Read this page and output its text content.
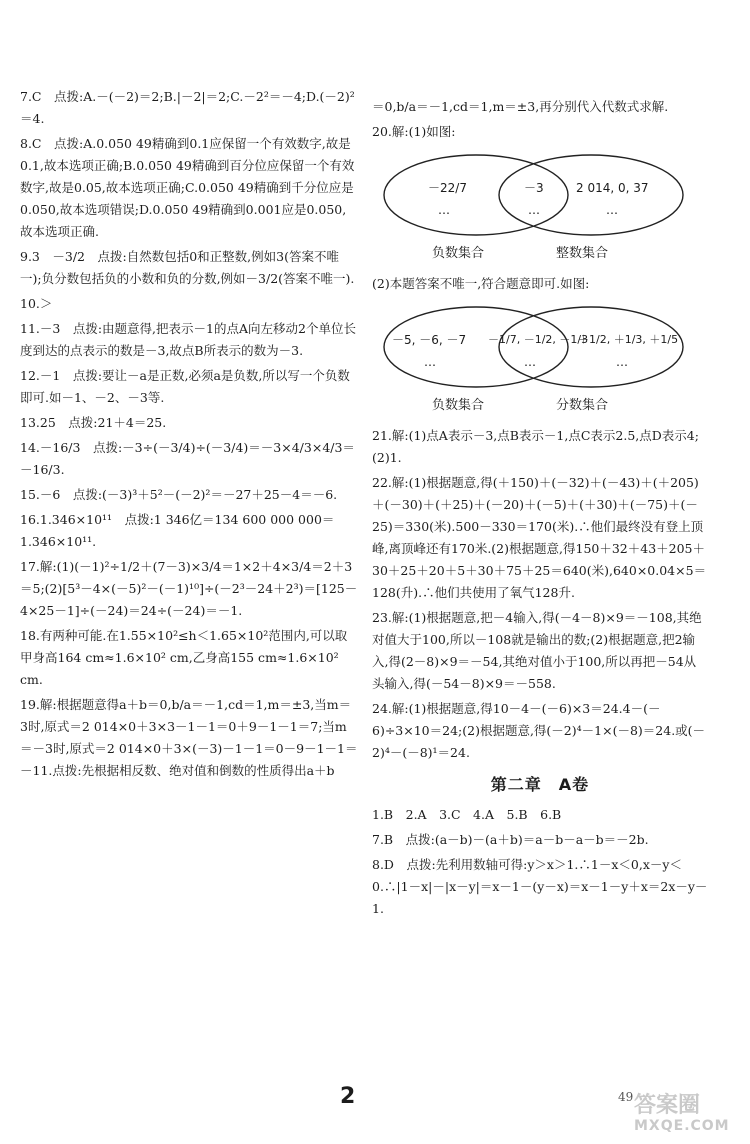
7.C　点拨:A.－(－2)＝2;B.|－2|＝2;C.－2²＝－4;D.(－2)²＝4.

8.C　点拨:A.0.050 49精确到0.1应保留一个有效数字,故是0.1,故本选项正确;B.0.050 49精确到百分位应保留一个有效数字,故是0.05,故本选项正确;C.0.050 49精确到千分位应是0.050,故本选项错误;D.0.050 49精确到0.001应是0.050,故本选项正确.

9.3　－3/2　点拨:自然数包括0和正整数,例如3(答案不唯一);负分数包括负的小数和负的分数,例如－3/2(答案不唯一).

10.＞

11.－3　点拨:由题意得,把表示－1的点A向左移动2个单位长度到达的点表示的数是－3,故点B所表示的数为－3.

12.－1　点拨:要让－a是正数,必须a是负数,所以写一个负数即可.如－1、－2、－3等.

13.25　点拨:21＋4＝25.

14.－16/3　点拨:－3÷(－3/4)÷(－3/4)＝－3×4/3×4/3＝－16/3.

15.－6　点拨:(－3)³＋5²－(－2)²＝－27＋25－4＝－6.

16.1.346×10¹¹　点拨:1 346亿＝134 600 000 000＝1.346×10¹¹.

17.解:(1)(－1)²÷1/2＋(7－3)×3/4＝1×2＋4×3/4＝2＋3＝5;(2)[5³－4×(－5)²－(－1)¹⁰]÷(－2³－24＋2³)＝[125－4×25－1]÷(－24)＝24÷(－24)＝－1.

18.有两种可能.在1.55×10²≤h＜1.65×10²范围内,可以取甲身高164 cm≈1.6×10² cm,乙身高155 cm≈1.6×10² cm.

19.解:根据题意得a＋b＝0,b/a＝－1,cd＝1,m＝±3,当m＝3时,原式＝2 014×0＋3×3－1－1＝0＋9－1－1＝7;当m＝－3时,原式＝2 014×0＋3×(－3)－1－1＝0－9－1－1＝－11.点拨:先根据相反数、绝对值和倒数的性质得出a＋b

＝0,b/a＝－1,cd＝1,m＝±3,再分别代入代数式求解.

20.解:(1)如图:

－22/7
…
－3
…
2 014, 0, 37
…
负数集合	整数集合

(2)本题答案不唯一,符合题意即可.如图:

－5, －6, －7
…
－1/7, －1/2, －1/3
…
＋1/2, ＋1/3, ＋1/5
…
负数集合	分数集合

21.解:(1)点A表示－3,点B表示－1,点C表示2.5,点D表示4;　(2)1.

22.解:(1)根据题意,得(＋150)＋(－32)＋(－43)＋(＋205)＋(－30)＋(＋25)＋(－20)＋(－5)＋(＋30)＋(－75)＋(－25)＝330(米).500－330＝170(米).∴他们最终没有登上顶峰,离顶峰还有170米.(2)根据题意,得150＋32＋43＋205＋30＋25＋20＋5＋30＋75＋25＝640(米),640×0.04×5＝128(升).∴他们共使用了氧气128升.

23.解:(1)根据题意,把－4输入,得(－4－8)×9＝－108,其绝对值大于100,所以－108就是输出的数;(2)根据题意,把2输入,得(2－8)×9＝－54,其绝对值小于100,所以再把－54从头输入,得(－54－8)×9＝－558.

24.解:(1)根据题意,得10－4－(－6)×3＝24.4－(－6)÷3×10＝24;(2)根据题意,得(－2)⁴－1×(－8)＝24.或(－2)⁴－(－8)¹＝24.

第二章　A卷

1.B　2.A　3.C　4.A　5.B　6.B

7.B　点拨:(a－b)－(a＋b)＝a－b－a－b＝－2b.

8.D　点拨:先利用数轴可得:y＞x＞1.∴1－x＜0,x－y＜0.∴|1－x|－|x－y|＝x－1－(y－x)＝x－1－y＋x＝2x－y－1.

2	49 答案圈
MXQE.COM
